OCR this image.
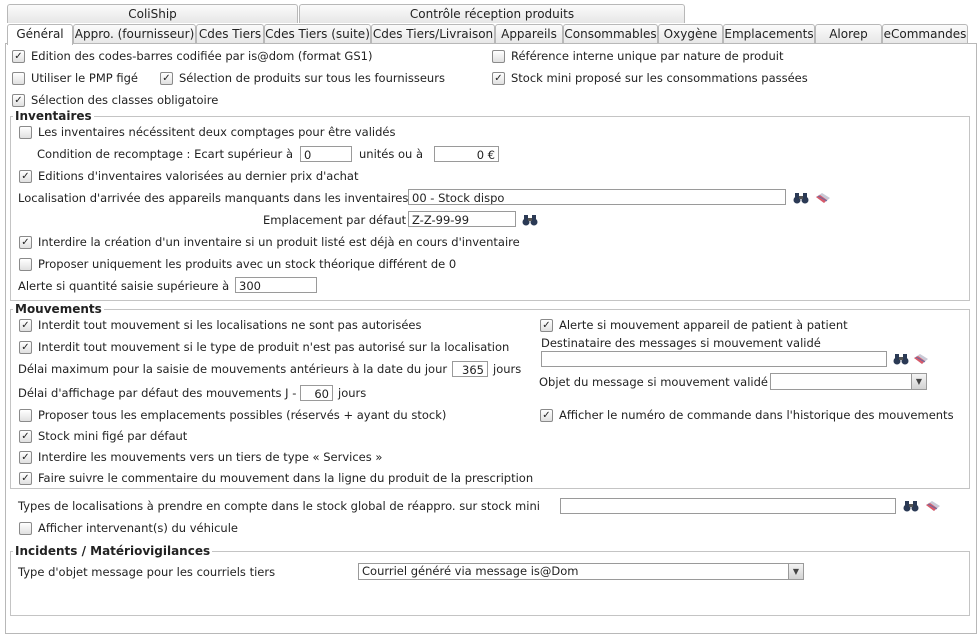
ColiShip	Contrôle réception produits
Général Appro. (fournisseur) Cdes Tiers Cdes Tiers (suite) Cdes Tiers/Livraison Appareils Consommables Oxygène Emplacements	Alorep	eCommandes
✓ Edition des codes-barres codifiée par is@dom (format GS1)	Référence interne unique par nature de produit
Utiliser le PMP figé ✓ Sélection de produits sur tous les fournisseurs	✓ Stock mini proposé sur les consommations passées
✓ Sélection des classes obligatoire
Inventaires
Les inventaires nécéssitent deux comptages pour être validés
Condition de recomptage : Ecart supérieur à 0	unités ou à	0 €
✓ Editions d'inventaires valorisées au dernier prix d'achat
Localisation d'arrivée des appareils manquants dans les inventaires 00 - Stock dispo
Emplacement par défaut Z-Z-99-99
✓ Interdire la création d'un inventaire si un produit listé est déjà en cours d'inventaire
Proposer uniquement les produits avec un stock théorique différent de 0
Alerte si quantité saisie supérieure à 300
Mouvements
✓ Interdit tout mouvement si les localisations ne sont pas autorisées	✓ Alerte si mouvement appareil de patient à patient
✓ Interdit tout mouvement si le type de produit n'est pas autorisé sur la localisation	Destinataire des messages si mouvement validé
Délai maximum pour la saisie de mouvements antérieurs à la date du jour	365 jours
Objet du message si mouvement validé	▼
Délai d'affichage par défaut des mouvements J -	60 jours
Proposer tous les emplacements possibles (réservés + ayant du stock)	✓ Afficher le numéro de commande dans l'historique des mouvements
✓ Stock mini figé par défaut
✓ Interdire les mouvements vers un tiers de type « Services »
✓ Faire suivre le commentaire du mouvement dans la ligne du produit de la prescription
Types de localisations à prendre en compte dans le stock global de réappro. sur stock mini
Afficher intervenant(s) du véhicule
Incidents / Matériovigilances
Type d'objet message pour les courriels tiers	Courriel généré via message is@Dom	▼
